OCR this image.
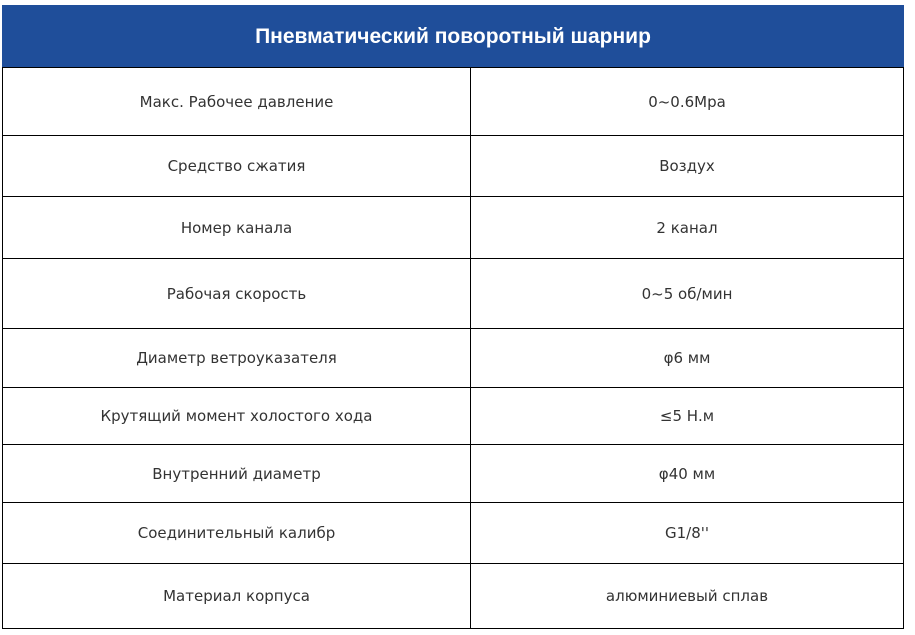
Пневматический поворотный шарнир	
Макс. Рабочее давление	0~0.6Mpa
Средство сжатия	Воздух
Номер канала	2 канал
Рабочая скорость	0~5 об/мин
Диаметр ветроуказателя	φ6 мм
Крутящий момент холостого хода	≤5 Н.м
Внутренний диаметр	φ40 мм
Соединительный калибр	G1/8''
Материал корпуса	алюминиевый сплав
